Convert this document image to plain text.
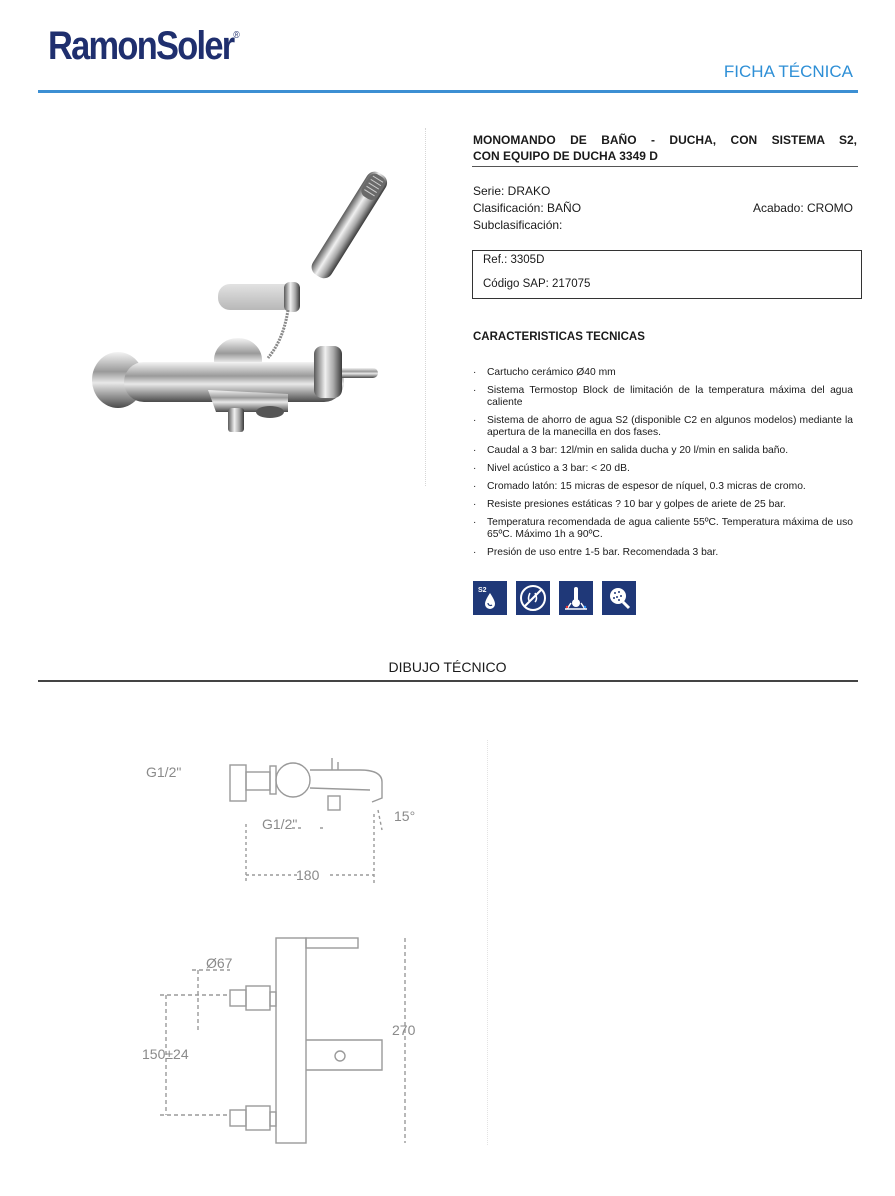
RamonSoler®
FICHA TÉCNICA
MONOMANDO DE BAÑO - DUCHA, CON SISTEMA S2,
CON EQUIPO DE DUCHA 3349 D
Serie: DRAKO
Clasificación: BAÑO
Subclasificación:
Acabado: CROMO
Ref.: 3305D
Código SAP: 217075
CARACTERISTICAS TECNICAS
· Cartucho cerámico Ø40 mm
· Sistema Termostop Block de limitación de la temperatura máxima del agua caliente
· Sistema de ahorro de agua S2 (disponible C2 en algunos modelos) mediante la apertura de la manecilla en dos fases.
· Caudal a 3 bar: 12l/min en salida ducha y 20 l/min en salida baño.
· Nivel acústico a 3 bar: < 20 dB.
· Cromado latón: 15 micras de espesor de níquel, 0.3 micras de cromo.
· Resiste presiones estáticas ? 10 bar y golpes de ariete de 25 bar.
· Temperatura recomendada de agua caliente 55ºC. Temperatura máxima de uso 65ºC. Máximo 1h a 90ºC.
· Presión de uso entre 1-5 bar. Recomendada 3 bar.
S2
DIBUJO TÉCNICO
G1/2"
G1/2"	15°
180
Ø67
270
150±24
